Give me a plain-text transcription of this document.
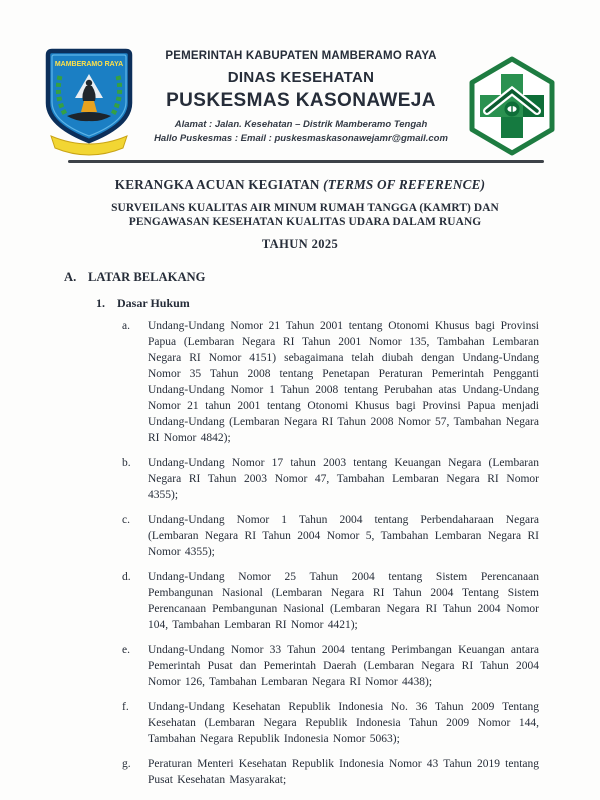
MAMBERAMO RAYA
PEMERINTAH KABUPATEN MAMBERAMO RAYA
DINAS KESEHATAN
PUSKESMAS KASONAWEJA
Alamat : Jalan. Kesehatan – Distrik Mamberamo Tengah
Hallo Puskesmas : Email : puskesmaskasonawejamr@gmail.com
KERANGKA ACUAN KEGIATAN (TERMS OF REFERENCE)
SURVEILANS KUALITAS AIR MINUM RUMAH TANGGA (KAMRT) DAN PENGAWASAN KESEHATAN KUALITAS UDARA DALAM RUANG
TAHUN 2025
A. LATAR BELAKANG
1.	Dasar Hukum
a.	Undang-Undang Nomor 21 Tahun 2001 tentang Otonomi Khusus bagi Provinsi Papua (Lembaran Negara RI Tahun 2001 Nomor 135, Tambahan Lembaran Negara RI Nomor 4151) sebagaimana telah diubah dengan Undang-Undang Nomor 35 Tahun 2008 tentang Penetapan Peraturan Pemerintah Pengganti Undang-Undang Nomor 1 Tahun 2008 tentang Perubahan atas Undang-Undang Nomor 21 tahun 2001 tentang Otonomi Khusus bagi Provinsi Papua menjadi Undang-Undang (Lembaran Negara RI Tahun 2008 Nomor 57, Tambahan Negara RI Nomor 4842);
b.	Undang-Undang Nomor 17 tahun 2003 tentang Keuangan Negara (Lembaran Negara RI Tahun 2003 Nomor 47, Tambahan Lembaran Negara RI Nomor 4355);
c.	Undang-Undang Nomor 1 Tahun 2004 tentang Perbendaharaan Negara (Lembaran Negara RI Tahun 2004 Nomor 5, Tambahan Lembaran Negara RI Nomor 4355);
d.	Undang-Undang Nomor 25 Tahun 2004 tentang Sistem Perencanaan Pembangunan Nasional (Lembaran Negara RI Tahun 2004 Tentang Sistem Perencanaan Pembangunan Nasional (Lembaran Negara RI Tahun 2004 Nomor 104, Tambahan Lembaran RI Nomor 4421);
e.	Undang-Undang Nomor 33 Tahun 2004 tentang Perimbangan Keuangan antara Pemerintah Pusat dan Pemerintah Daerah (Lembaran Negara RI Tahun 2004 Nomor 126, Tambahan Lembaran Negara RI Nomor 4438);
f.	Undang-Undang Kesehatan Republik Indonesia No. 36 Tahun 2009 Tentang Kesehatan (Lembaran Negara Republik Indonesia Tahun 2009 Nomor 144, Tambahan Negara Republik Indonesia Nomor 5063);
g.	Peraturan Menteri Kesehatan Republik Indonesia Nomor 43 Tahun 2019 tentang Pusat Kesehatan Masyarakat;
